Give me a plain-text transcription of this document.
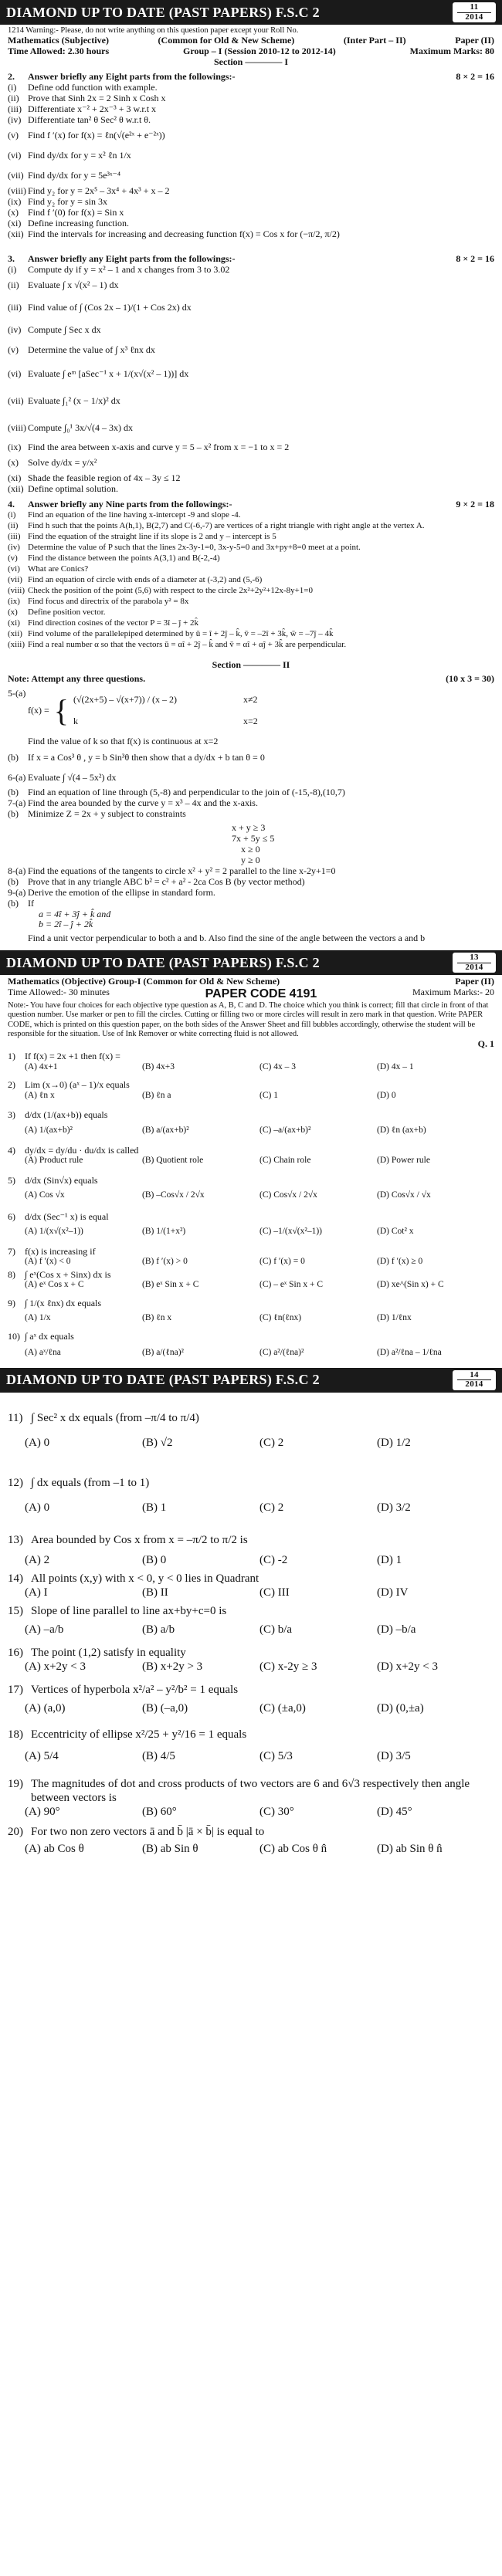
DIAMOND UP TO DATE (PAST PAPERS) F.S.C 2	11
2014
1214 Warning:- Please, do not write anything on this question paper except your Roll No.
Mathematics (Subjective)	(Common for Old & New Scheme)	(Inter Part – II)	Paper (II)
Time Allowed: 2.30 hours	Group – I (Session 2010-12 to 2012-14)	Maximum Marks: 80
Section ———— I
2.	Answer briefly any Eight parts from the followings:-	8 × 2 = 16
(i)	Define odd function with example.
(ii) Prove that Sinh 2x = 2 Sinh x Cosh x
(iii) Differentiate x⁻² + 2x⁻³ + 3 w.r.t x
(iv) Differentiate tan² θ Sec² θ w.r.t θ.
(v)	Find f ′(x) for f(x) = ℓn(√(e²ˣ + e⁻²ˣ))
(vi) Find dy/dx for y = x² ℓn 1/x
(vii) Find dy/dx for y = 5e³ˣ⁻⁴
(viii) Find y₂ for y = 2x⁵ – 3x⁴ + 4x³ + x – 2
(ix) Find y₂ for y = sin 3x
(x)	Find f ′(0) for f(x) = Sin x
(xi) Define increasing function.
(xii) Find the intervals for increasing and decreasing function f(x) = Cos x for (−π/2, π/2)
3.	Answer briefly any Eight parts from the followings:-	8 × 2 = 16
(i)	Compute dy if y = x² – 1 and x changes from 3 to 3.02
(ii) Evaluate ∫ x √(x² – 1) dx
(iii) Find value of ∫ (Cos 2x – 1)/(1 + Cos 2x) dx
(iv) Compute ∫ Sec x dx
(v)	Determine the value of ∫ x³ ℓnx dx
(vi) Evaluate ∫ eᵐ [aSec⁻¹ x + 1/(x√(x² – 1))] dx
(vii) Evaluate ∫₁² (x − 1/x)² dx
(viii) Compute ∫₀¹ 3x/√(4 – 3x) dx
(ix) Find the area between x-axis and curve y = 5 – x² from x = −1 to x = 2
(x)	Solve dy/dx = y/x²
(xi) Shade the feasible region of 4x – 3y ≤ 12
(xii) Define optimal solution.
4.	Answer briefly any Nine parts from the followings:-	9 × 2 = 18
(i)	Find an equation of the line having x-intercept -9 and slope -4.
(ii)	Find h such that the points A(h,1), B(2,7) and C(-6,-7) are vertices of a right triangle with right angle at the vertex A.
(iii) Find the equation of the straight line if its slope is 2 and y – intercept is 5
(iv) Determine the value of P such that the lines 2x-3y-1=0, 3x-y-5=0 and 3x+py+8=0 meet at a point.
(v)	Find the distance between the points A(3,1) and B(-2,-4)
(vi) What are Conics?
(vii) Find an equation of circle with ends of a diameter at (-3,2) and (5,-6)
(viii) Check the position of the point (5,6) with respect to the circle 2x²+2y²+12x-8y+1=0
(ix) Find focus and directrix of the parabola y² = 8x
(x)	Define position vector.
(xi) Find direction cosines of the vector P = 3î – ĵ + 2k̂
(xii) Find volume of the parallelepiped determined by ū = î + 2ĵ – k̂, v̄ = –2î + 3k̂, w̄ = –7ĵ – 4k̂
(xiii) Find a real number α so that the vectors ū = αî + 2ĵ – k̂ and v̄ = αî + αĵ + 3k̂ are perpendicular.
Section ———— II
Note: Attempt any three questions.	(10 x 3 = 30)
5-(a)
f(x) = { (√(2x+5) – √(x+7)) / (x – 2)	x≠2
k	x=2
Find the value of k so that f(x) is continuous at x=2
(b)	If x = a Cos³ θ , y = b Sin³θ then show that a dy/dx + b tan θ = 0
6-(a) Evaluate ∫ √(4 – 5x²) dx
(b)	Find an equation of line through (5,-8) and perpendicular to the join of (-15,-8),(10,7)
7-(a) Find the area bounded by the curve y = x³ – 4x and the x-axis.
(b)	Minimize Z = 2x + y subject to constraints
x + y ≥ 3
7x + 5y ≤ 5
x ≥ 0
y ≥ 0
8-(a) Find the equations of the tangents to circle x² + y² = 2 parallel to the line x-2y+1=0
(b)	Prove that in any triangle ABC b² = c² + a² - 2ca Cos B (by vector method)
9-(a) Derive the emotion of the ellipse in standard form.
(b)	If
a = 4î + 3ĵ + k̂ and
b = 2î – ĵ + 2k̂
Find a unit vector perpendicular to both a and b. Also find the sine of the angle between the vectors a and b
DIAMOND UP TO DATE (PAST PAPERS) F.S.C 2	13
2014
Mathematics (Objective) Group-I (Common for Old & New Scheme)	Paper (II)
Time Allowed:- 30 minutes	PAPER CODE 4191	Maximum Marks:- 20
Note:- You have four choices for each objective type question as A, B, C and D. The choice which you think is correct; fill that circle in front of that question number. Use marker or pen to fill the circles. Cutting or filling two or more circles will result in zero mark in that question. Write PAPER CODE, which is printed on this question paper, on the both sides of the Answer Sheet and fill bubbles accordingly, otherwise the student will be responsible for the situation. Use of Ink Remover or white correcting fluid is not allowed.
Q. 1
1)	If f(x) = 2x +1 then f(x) =
(A) 4x+1	(B) 4x+3	(C) 4x – 3	(D) 4x – 1
2)	Lim (x→0) (aˣ – 1)/x equals
(A) ℓn x	(B) ℓn a	(C) 1	(D) 0
3)	d/dx (1/(ax+b)) equals
(A) 1/(ax+b)²	(B) a/(ax+b)²	(C) –a/(ax+b)²	(D) ℓn (ax+b)
4)	dy/dx = dy/du · du/dx is called
(A) Product rule	(B) Quotient role	(C) Chain role	(D) Power rule
5)	d/dx (Sin√x) equals
(A) Cos √x	(B) –Cos√x / 2√x	(C) Cos√x / 2√x	(D) Cos√x / √x
6)	d/dx (Sec⁻¹ x) is equal
(A) 1/(x√(x²–1))	(B) 1/(1+x²)	(C) –1/(x√(x²–1))	(D) Cot² x
7)	f(x) is increasing if
(A) f ′(x) < 0	(B) f ′(x) > 0	(C) f ′(x) = 0	(D) f ′(x) ≥ 0
8)	∫ eˣ(Cos x + Sinx) dx is
(A) eˣ Cos x + C	(B) eˣ Sin x + C	(C) – eˣ Sin x + C	(D) xe^(Sin x) + C
9)	∫ 1/(x ℓnx) dx equals
(A) 1/x	(B) ℓn x	(C) ℓn(ℓnx)	(D) 1/ℓnx
10) ∫ aˣ dx equals
(A) aˣ/ℓna	(B) a/(ℓna)²	(C) a²/(ℓna)²	(D) a²/ℓna – 1/ℓna
DIAMOND UP TO DATE (PAST PAPERS) F.S.C 2	14
2014
11) ∫ Sec² x dx equals (from –π/4 to π/4)
(A) 0	(B) √2	(C) 2	(D) 1/2
12) ∫ dx equals (from –1 to 1)
(A) 0	(B) 1	(C) 2	(D) 3/2
13) Area bounded by Cos x from x = –π/2 to π/2 is
(A) 2	(B) 0	(C) -2	(D) 1
14) All points (x,y) with x < 0, y < 0 lies in Quadrant
(A) I	(B) II	(C) III	(D) IV
15) Slope of line parallel to line ax+by+c=0 is
(A) –a/b	(B) a/b	(C) b/a	(D) –b/a
16) The point (1,2) satisfy in equality
(A) x+2y < 3	(B) x+2y > 3	(C) x-2y ≥ 3	(D) x+2y < 3
17) Vertices of hyperbola x²/a² – y²/b² = 1 equals
(A) (a,0)	(B) (–a,0)	(C) (±a,0)	(D) (0,±a)
18) Eccentricity of ellipse x²/25 + y²/16 = 1 equals
(A) 5/4	(B) 4/5	(C) 5/3	(D) 3/5
19) The magnitudes of dot and cross products of two vectors are 6 and 6√3 respectively then angle between vectors is
(A) 90°	(B) 60°	(C) 30°	(D) 45°
20) For two non zero vectors ā and b̄ |ā × b̄| is equal to
(A) ab Cos θ	(B) ab Sin θ	(C) ab Cos θ n̂	(D) ab Sin θ n̂
